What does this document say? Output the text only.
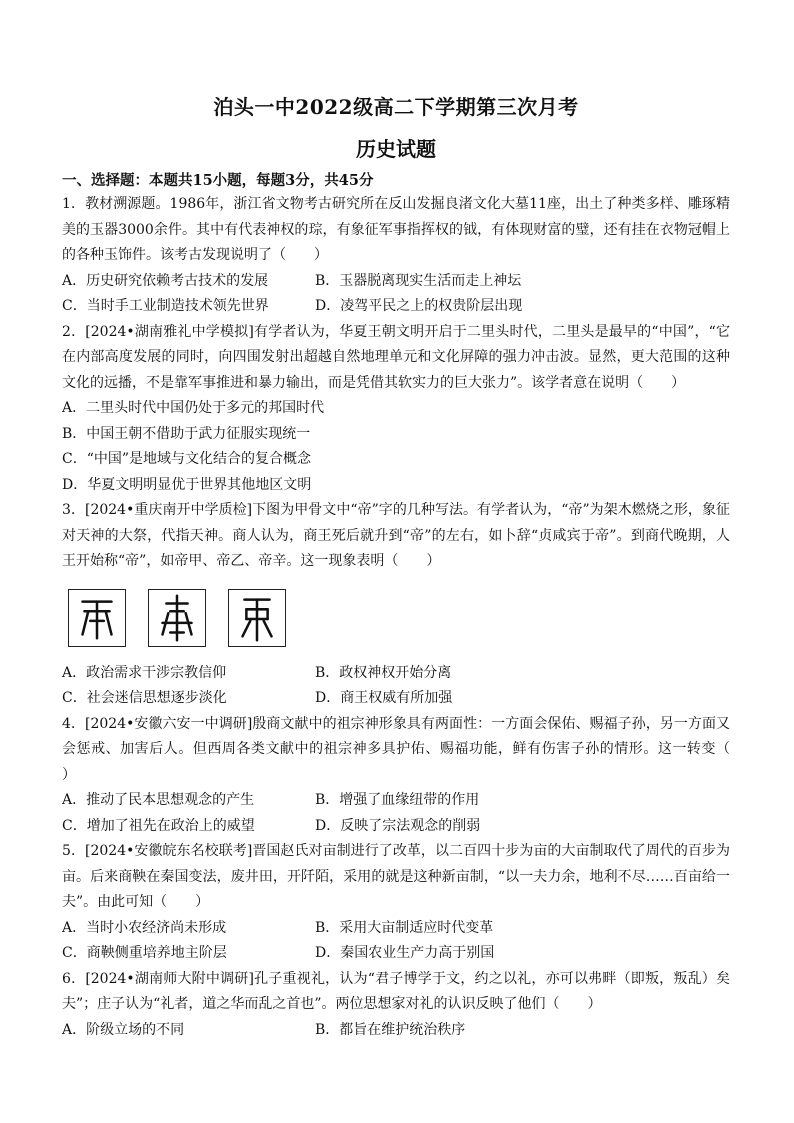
泊头一中2022级高二下学期第三次月考
历史试题
一、选择题：本题共15小题，每题3分，共45分
1．教材溯源题。1986年，浙江省文物考古研究所在反山发掘良渚文化大墓11座，出土了种类多样、雕琢精美的玉器3000余件。其中有代表神权的琮，有象征军事指挥权的钺，有体现财富的璧，还有挂在衣物冠帽上的各种玉饰件。该考古发现说明了（　　）
A．历史研究依赖考古技术的发展	B．玉器脱离现实生活而走上神坛
C．当时手工业制造技术领先世界	D．凌驾平民之上的权贵阶层出现
2．[2024•湖南雅礼中学模拟]有学者认为，华夏王朝文明开启于二里头时代，二里头是最早的“中国”，“它在内部高度发展的同时，向四围发射出超越自然地理单元和文化屏障的强力冲击波。显然，更大范围的这种文化的远播，不是靠军事推进和暴力输出，而是凭借其软实力的巨大张力”。该学者意在说明（　　）
A．二里头时代中国仍处于多元的邦国时代
B．中国王朝不借助于武力征服实现统一
C．“中国”是地域与文化结合的复合概念
D．华夏文明明显优于世界其他地区文明
3．[2024•重庆南开中学质检]下图为甲骨文中“帝”字的几种写法。有学者认为，“帝”为架木燃烧之形，象征对天神的大祭，代指天神。商人认为，商王死后就升到“帝”的左右，如卜辞“贞咸宾于帝”。到商代晚期，人王开始称“帝”，如帝甲、帝乙、帝辛。这一现象表明（　　）
A．政治需求干涉宗教信仰	B．政权神权开始分离
C．社会迷信思想逐步淡化	D．商王权威有所加强
4．[2024•安徽六安一中调研]殷商文献中的祖宗神形象具有两面性：一方面会保佑、赐福子孙，另一方面又会惩戒、加害后人。但西周各类文献中的祖宗神多具护佑、赐福功能，鲜有伤害子孙的情形。这一转变（　　）
A．推动了民本思想观念的产生	B．增强了血缘纽带的作用
C．增加了祖先在政治上的威望	D．反映了宗法观念的削弱
5．[2024•安徽皖东名校联考]晋国赵氏对亩制进行了改革，以二百四十步为亩的大亩制取代了周代的百步为亩。后来商鞅在秦国变法，废井田，开阡陌，采用的就是这种新亩制，“以一夫力余，地利不尽……百亩给一夫”。由此可知（　　）
A．当时小农经济尚未形成	B．采用大亩制适应时代变革
C．商鞅侧重培养地主阶层	D．秦国农业生产力高于别国
6．[2024•湖南师大附中调研]孔子重视礼，认为“君子博学于文，约之以礼，亦可以弗畔（即叛，叛乱）矣夫”；庄子认为“礼者，道之华而乱之首也”。两位思想家对礼的认识反映了他们（　　）
A．阶级立场的不同	B．都旨在维护统治秩序
